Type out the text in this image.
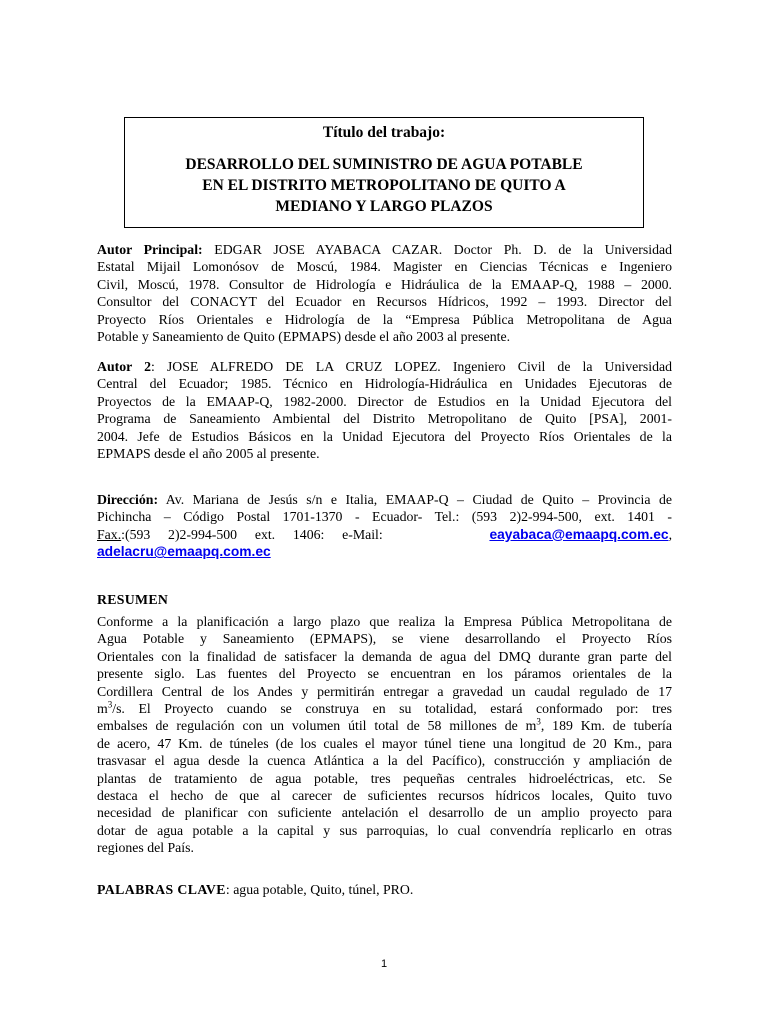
Título del trabajo:
DESARROLLO DEL SUMINISTRO DE AGUA POTABLE
EN EL DISTRITO METROPOLITANO DE QUITO A
MEDIANO Y LARGO PLAZOS
Autor Principal: EDGAR JOSE AYABACA CAZAR. Doctor Ph. D. de la Universidad
Estatal Mijail Lomonósov de Moscú, 1984. Magister en Ciencias Técnicas e Ingeniero
Civil, Moscú, 1978. Consultor de Hidrología e Hidráulica de la EMAAP-Q, 1988 – 2000.
Consultor del CONACYT del Ecuador en Recursos Hídricos, 1992 – 1993. Director del
Proyecto Ríos Orientales e Hidrología de la “Empresa Pública Metropolitana de Agua
Potable y Saneamiento de Quito (EPMAPS) desde el año 2003 al presente.
Autor 2: JOSE ALFREDO DE LA CRUZ LOPEZ. Ingeniero Civil de la Universidad
Central del Ecuador; 1985. Técnico en Hidrología-Hidráulica en Unidades Ejecutoras de
Proyectos de la EMAAP-Q, 1982-2000. Director de Estudios en la Unidad Ejecutora del
Programa de Saneamiento Ambiental del Distrito Metropolitano de Quito [PSA], 2001-
2004. Jefe de Estudios Básicos en la Unidad Ejecutora del Proyecto Ríos Orientales de la
EPMAPS desde el año 2005 al presente.
Dirección: Av. Mariana de Jesús s/n e Italia, EMAAP-Q – Ciudad de Quito – Provincia de
Pichincha – Código Postal 1701-1370 - Ecuador- Tel.: (593 2)2-994-500, ext. 1401 -
Fax.:(593 2)2-994-500 ext. 1406: e-Mail:	eayabaca@emaapq.com.ec,
adelacru@emaapq.com.ec
RESUMEN
Conforme a la planificación a largo plazo que realiza la Empresa Pública Metropolitana de
Agua Potable y Saneamiento (EPMAPS), se viene desarrollando el Proyecto Ríos
Orientales con la finalidad de satisfacer la demanda de agua del DMQ durante gran parte del
presente siglo. Las fuentes del Proyecto se encuentran en los páramos orientales de la
Cordillera Central de los Andes y permitirán entregar a gravedad un caudal regulado de 17
$m^3/s$. El Proyecto cuando se construya en su totalidad, estará conformado por: tres
embalses de regulación con un volumen útil total de 58 millones de $m^3$, 189 Km. de tubería
de acero, 47 Km. de túneles (de los cuales el mayor túnel tiene una longitud de 20 Km., para
trasvasar el agua desde la cuenca Atlántica a la del Pacífico), construcción y ampliación de
plantas de tratamiento de agua potable, tres pequeñas centrales hidroeléctricas, etc. Se
destaca el hecho de que al carecer de suficientes recursos hídricos locales, Quito tuvo
necesidad de planificar con suficiente antelación el desarrollo de un amplio proyecto para
dotar de agua potable a la capital y sus parroquias, lo cual convendría replicarlo en otras
regiones del País.
PALABRAS CLAVE: agua potable, Quito, túnel, PRO.
1
